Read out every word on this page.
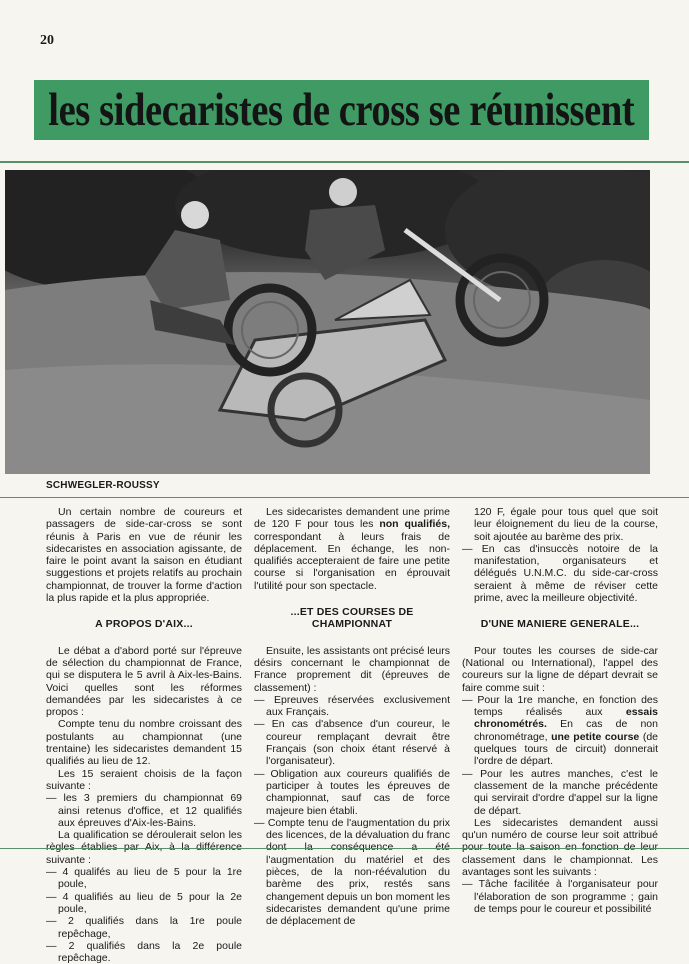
20
les sidecaristes de cross se réunissent
SCHWEGLER-ROUSSY

Un certain nombre de coureurs et passagers de side-car-cross se sont réunis à Paris en vue de réunir les sidecaristes en association agissante, de faire le point avant la saison en étudiant suggestions et projets relatifs au prochain championnat, de trouver la forme d'action la plus rapide et la plus appropriée.

A PROPOS D'AIX...

Le débat a d'abord porté sur l'épreuve de sélection du championnat de France, qui se disputera le 5 avril à Aix-les-Bains. Voici quelles sont les réformes demandées par les sidecaristes à ce propos :

Compte tenu du nombre croissant des postulants au championnat (une trentaine) les sidecaristes demandent 15 qualifiés au lieu de 12.

Les 15 seraient choisis de la façon suivante :

— les 3 premiers du championnat 69 ainsi retenus d'office, et 12 qualifiés aux épreuves d'Aix-les-Bains.

La qualification se déroulerait selon les suivante :

— 4 qualifés au lieu de 5 pour la 1re poule,

— 4 qualifiés au lieu de 5 pour la 2e poule,

— 2 qualifiés dans la 1re poule repêchage,

— 2 qualifiés dans la 2e poule repêchage.

Les sidecaristes demandent une prime de 120 F pour tous les non qualifiés, correspondant à leurs frais de déplacement. En échange, les non-qualifiés accepteraient de faire une petite course si l'organisation en éprouvait l'utilité pour son spectacle.

...ET DES COURSES DE CHAMPIONNAT

Ensuite, les assistants ont précisé leurs désirs concernant le championnat de France proprement dit (épreuves de classement) :

— Epreuves réservées exclusivement aux Français.

— En cas d'absence d'un coureur, le coureur remplaçant devrait être Français (son choix étant réservé à l'organisateur).

— Obligation aux coureurs qualifiés de participer à toutes les épreuves de championnat, sauf cas de force majeure bien établi.

— Compte tenu de l'augmentation du prix des licences, de la dévaluation du franc l'augmentation du matériel et des pièces, de la non-réévalution du barème des prix, restés sans changement depuis un bon moment les sidecaristes demandent qu'une prime de déplacement de

120 F, égale pour tous quel que soit leur éloignement du lieu de la course, soit ajoutée au barème des prix.

— En cas d'insuccès notoire de la manifestation, organisateurs et délégués U.N.M.C. du side-car-cross seraient à même de réviser cette prime, avec la meilleure objectivité.

D'UNE MANIERE GENERALE...

Pour toutes les courses de side-car (National ou International), l'appel des coureurs sur la ligne de départ devrait se faire comme suit :

— Pour la 1re manche, en fonction des temps réalisés aux essais chronométrés. En cas de non chronométrage, une petite course (de quelques tours de circuit) donnerait l'ordre de départ.

— Pour les autres manches, c'est le classement de la manche précédente qui servirait d'ordre d'appel sur la ligne de départ.

Les sidecaristes demandent aussi qu'un numéro de course leur soit attribué classement dans le championnat. Les avantages sont les suivants :

— Tâche facilitée à l'organisateur pour l'élaboration de son programme ; gain de temps pour le coureur et possibilité
